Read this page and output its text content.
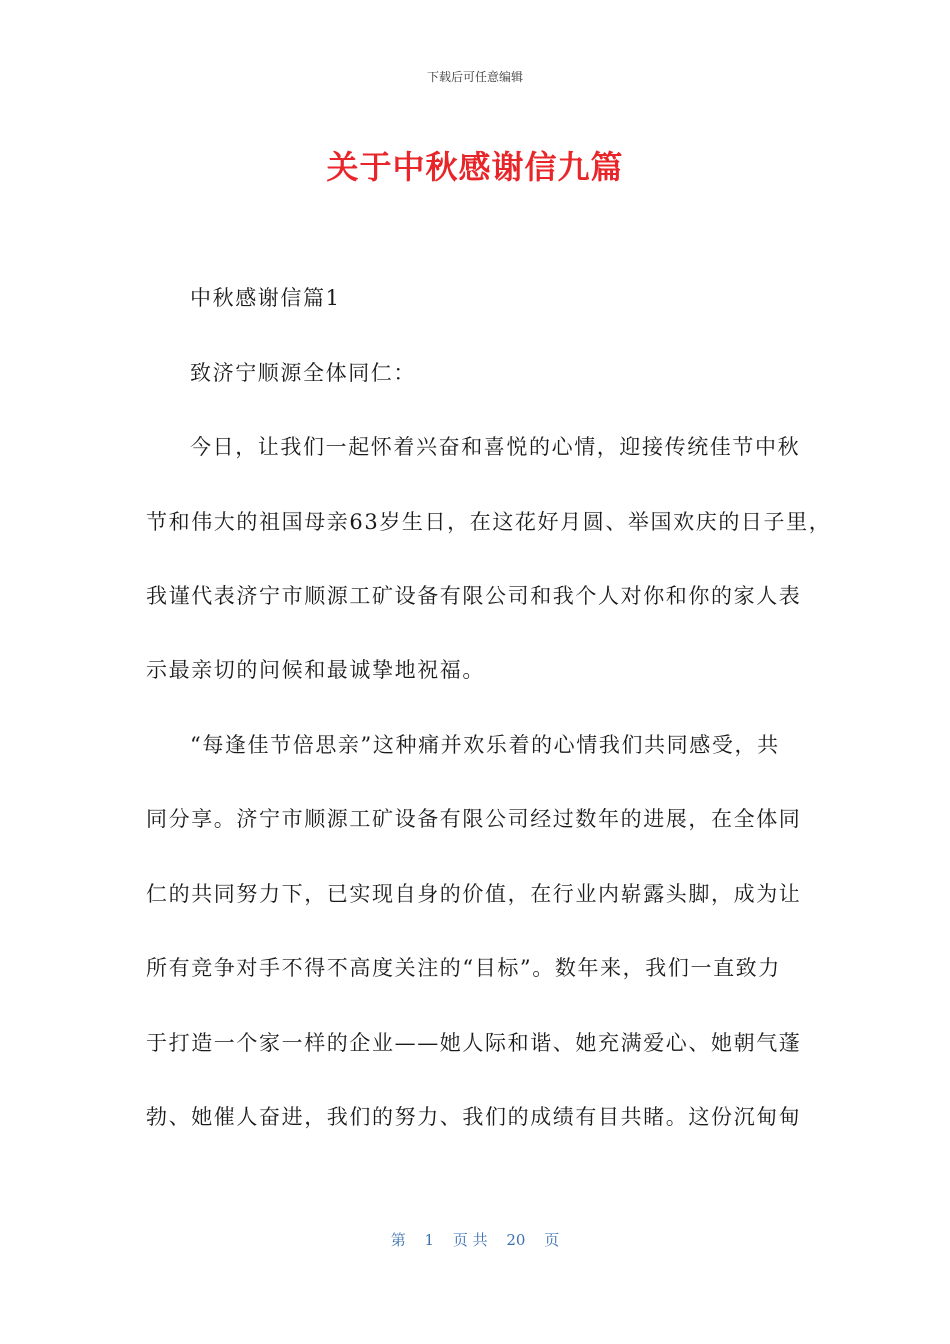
下载后可任意编辑
关于中秋感谢信九篇
中秋感谢信篇1
致济宁顺源全体同仁：
今日，让我们一起怀着兴奋和喜悦的心情，迎接传统佳节中秋
节和伟大的祖国母亲63岁生日，在这花好月圆、举国欢庆的日子里，
我谨代表济宁市顺源工矿设备有限公司和我个人对你和你的家人表
示最亲切的问候和最诚挚地祝福。
“每逢佳节倍思亲”这种痛并欢乐着的心情我们共同感受，共
同分享。济宁市顺源工矿设备有限公司经过数年的进展，在全体同
仁的共同努力下，已实现自身的价值，在行业内崭露头脚，成为让
所有竞争对手不得不高度关注的“目标”。数年来，我们一直致力
于打造一个家一样的企业——她人际和谐、她充满爱心、她朝气蓬
勃、她催人奋进，我们的努力、我们的成绩有目共睹。这份沉甸甸
第 1 页 共 20 页
